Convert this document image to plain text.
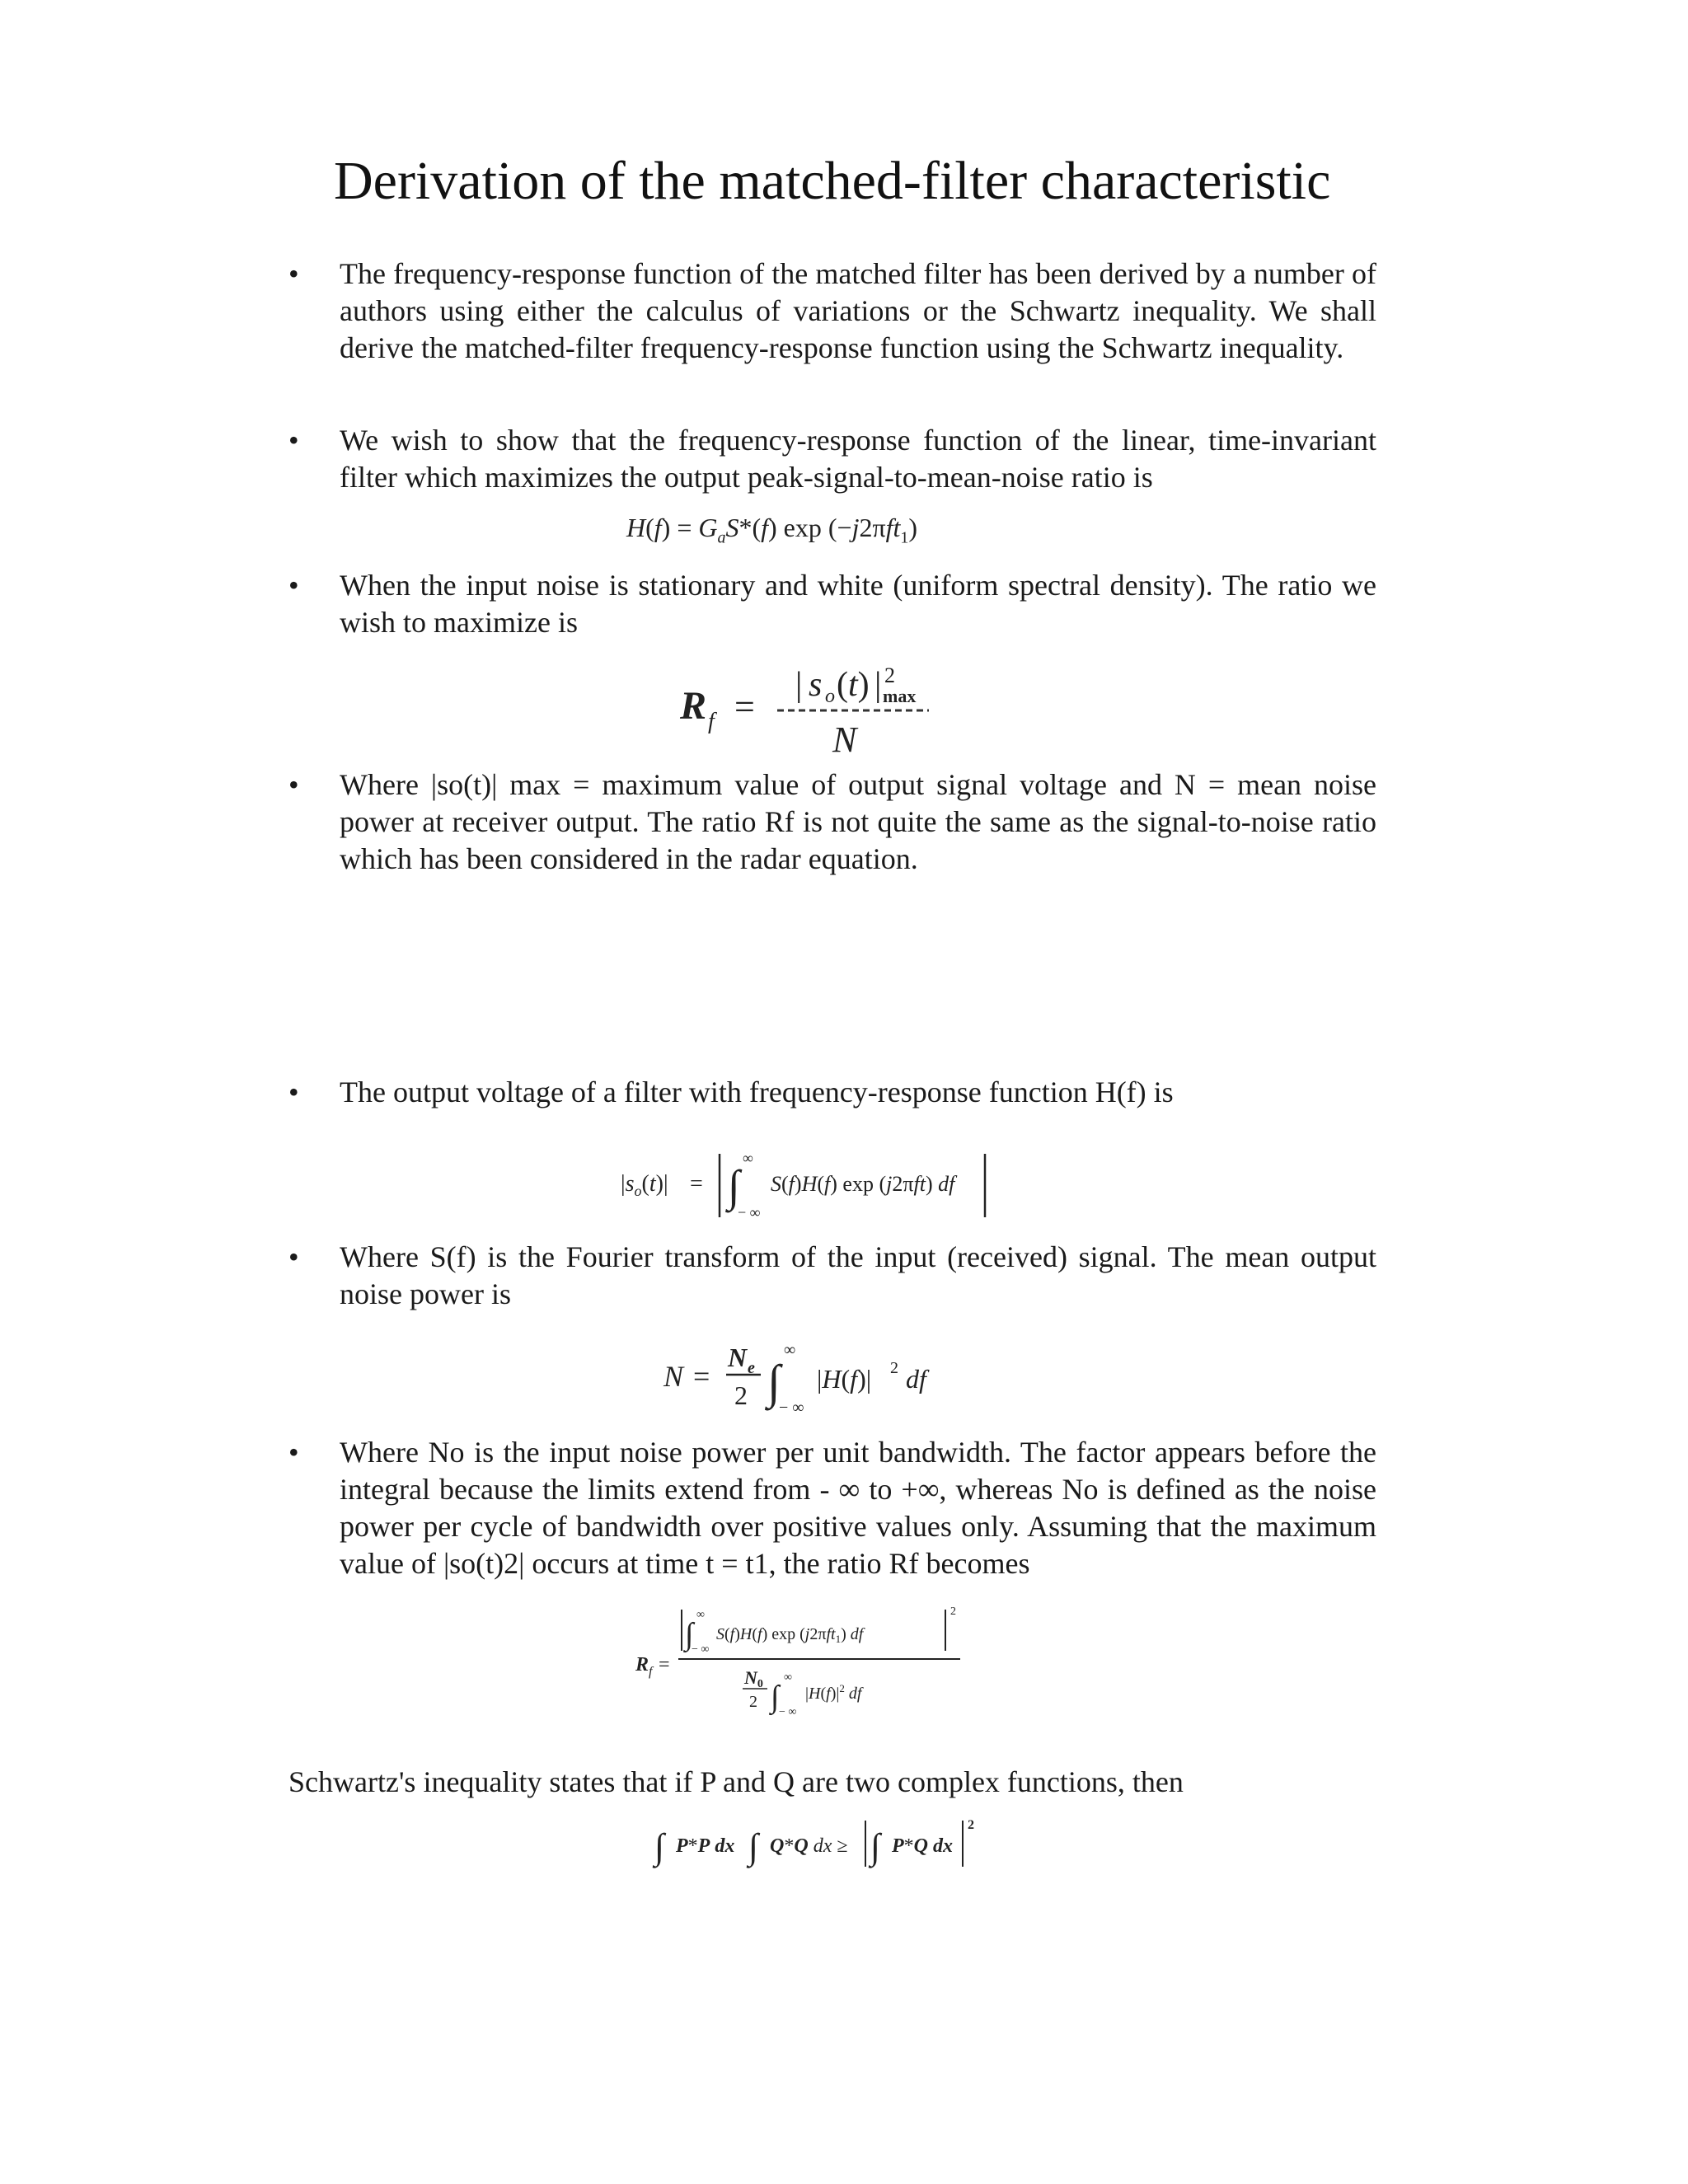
Derivation of the matched-filter characteristic
• The frequency-response function of the matched filter has been derived by a number of authors using either the calculus of variations or the Schwartz inequality. We shall derive the matched-filter frequency-response function using the Schwartz inequality.
• We wish to show that the frequency-response function of the linear, time-invariant filter which maximizes the output peak-signal-to-mean-noise ratio is
$H(f) = G_aS*(f)$ exp (−j2πft$_1$)
• When the input noise is stationary and white (uniform spectral density). The ratio we wish to maximize is
R f =
| s o (t) | 2
max
N
• Where |so(t)| max = maximum value of output signal voltage and N = mean noise power at receiver output. The ratio Rf is not quite the same as the signal-to-noise ratio which has been considered in the radar equation.
• The output voltage of a filter with frequency-response function H(f) is
$|s_o(t)|$ = ∫
∞
− ∞
S(f)H(f) exp (j2πft) df
• Where S(f) is the Fourier transform of the input (received) signal. The mean output noise power is
N =
N e
2 ∫
∞
− ∞
|H(f)| 2 df
• Where No is the input noise power per unit bandwidth. The factor appears before the integral because the limits extend from - ∞ to +∞, whereas No is defined as the noise power per cycle of bandwidth over positive values only. Assuming that the maximum value of |so(t)2| occurs at time t = t1, the ratio Rf becomes
R f =
∫
∞
− ∞
S(f)H(f) exp (j2πft$_1$) df
2
N0
2 ∫
∞
− ∞
$|H(f)|^2$ df
Schwartz's inequality states that if P and Q are two complex functions, then
∫ P*P dx ∫ Q*Q dx ≥ ∫ P*Q dx
2
